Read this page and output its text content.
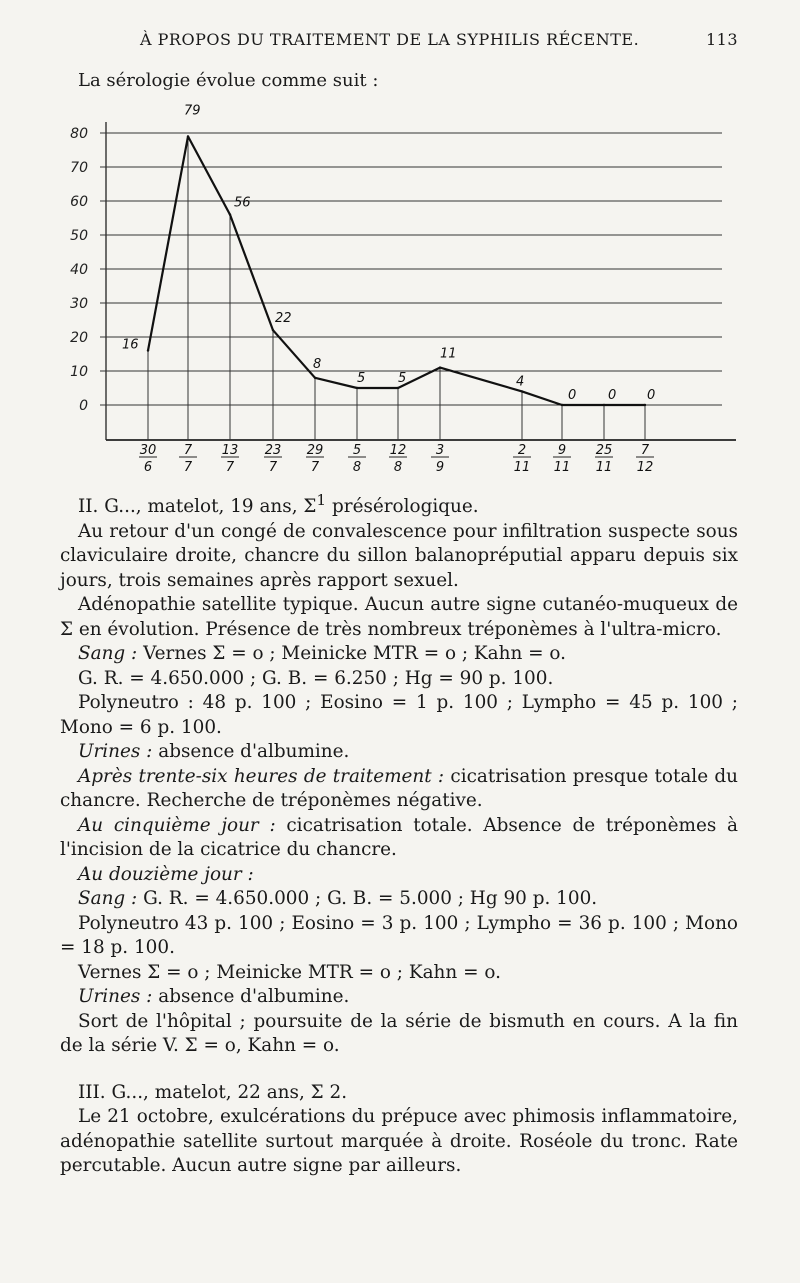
À PROPOS DU TRAITEMENT DE LA SYPHILIS RÉCENTE.	113
La sérologie évolue comme suit :
0
10
20
30
40
50
60
70
80
16
79
56
22
8
5	5
11
4
0 0 0
30
6
7
7
13
7
23
7
29
7
5
8
12
8
3
9
2
11
9
11
25
11
7
12

II. G..., matelot, 19 ans, $\Sigma^1$ présérologique.

Au retour d'un congé de convalescence pour infiltration suspecte sous claviculaire droite, chancre du sillon balanopréputial apparu depuis six jours, trois semaines après rapport sexuel.

Adénopathie satellite typique. Aucun autre signe cutanéo-muqueux de Σ en évolution. Présence de très nombreux tréponèmes à l'ultra-micro.

Sang : Vernes Σ = o ; Meinicke MTR = o ; Kahn = o.

G. R. = 4.650.000 ; G. B. = 6.250 ; Hg = 90 p. 100.

Polyneutro : 48 p. 100 ; Eosino = 1 p. 100 ; Lympho = 45 p. 100 ; Mono = 6 p. 100.

Urines : absence d'albumine.

Après trente-six heures de traitement : cicatrisation presque totale du chancre. Recherche de tréponèmes négative.

Au cinquième jour : cicatrisation totale. Absence de tréponèmes à l'incision de la cicatrice du chancre.

Au douzième jour :

Sang : G. R. = 4.650.000 ; G. B. = 5.000 ; Hg 90 p. 100.

Polyneutro 43 p. 100 ; Eosino = 3 p. 100 ; Lympho = 36 p. 100 ; Mono = 18 p. 100.

Vernes Σ = o ; Meinicke MTR = o ; Kahn = o.

Urines : absence d'albumine.

Sort de l'hôpital ; poursuite de la série de bismuth en cours. A la fin de la série V. Σ = o, Kahn = o.

III. G..., matelot, 22 ans, Σ 2.

Le 21 octobre, exulcérations du prépuce avec phimosis inflammatoire, adénopathie satellite surtout marquée à droite. Roséole du tronc. Rate percutable. Aucun autre signe par ailleurs.
